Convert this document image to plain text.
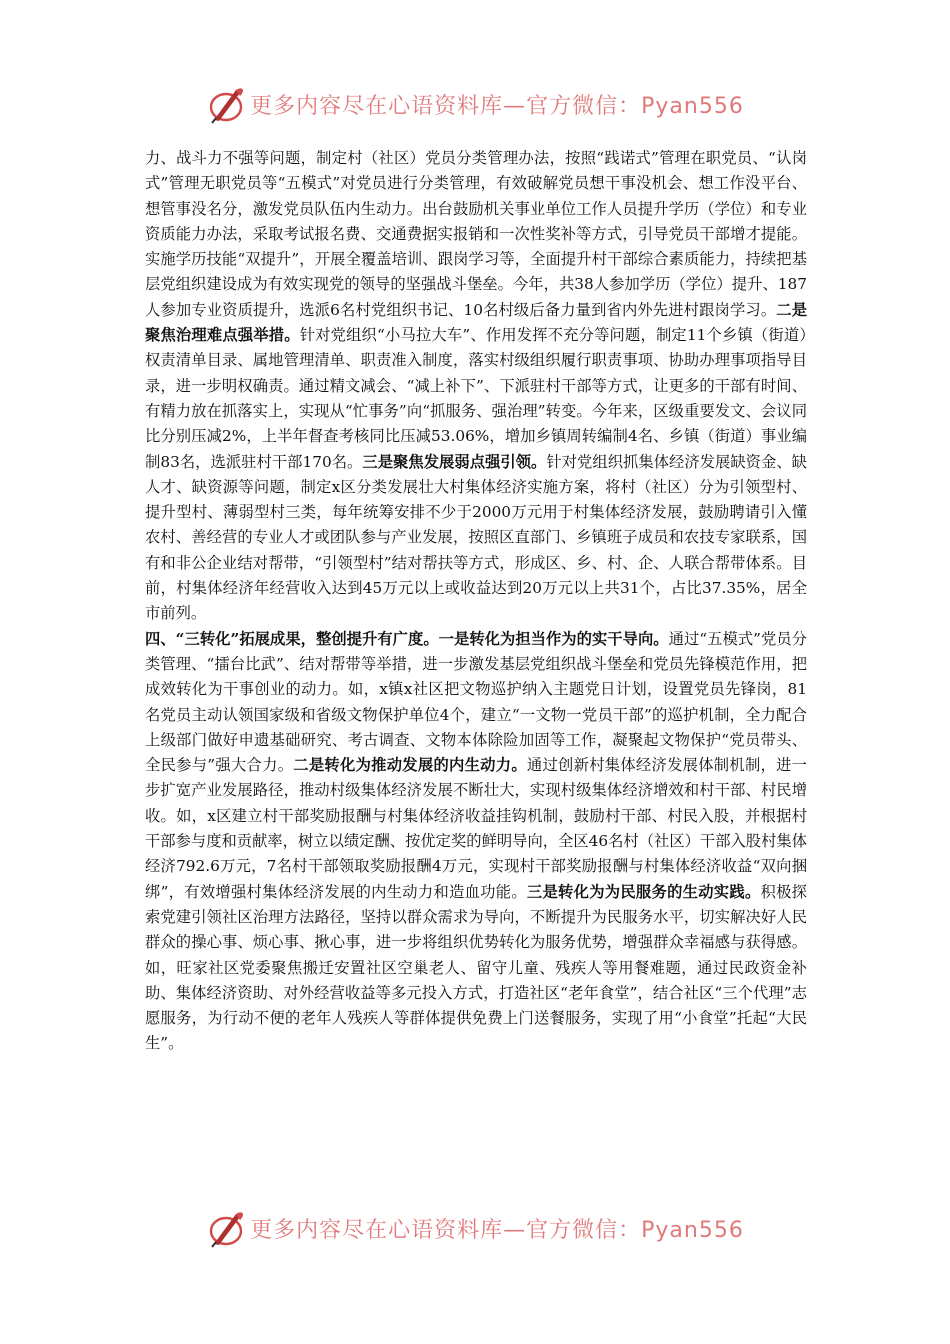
更多内容尽在心语资料库—官方微信：Pyan556

力、战斗力不强等问题，制定村（社区）党员分类管理办法，按照“践诺式”管理在职党员、“认岗式”管理无职党员等“五模式”对党员进行分类管理，有效破解党员想干事没机会、想工作没平台、想管事没名分，激发党员队伍内生动力。出台鼓励机关事业单位工作人员提升学历（学位）和专业资质能力办法，采取考试报名费、交通费据实报销和一次性奖补等方式，引导党员干部增才提能。实施学历技能“双提升”，开展全覆盖培训、跟岗学习等，全面提升村干部综合素质能力，持续把基层党组织建设成为有效实现党的领导的坚强战斗堡垒。今年，共38人参加学历（学位）提升、187人参加专业资质提升，选派6名村党组织书记、10名村级后备力量到省内外先进村跟岗学习。二是聚焦治理难点强举措。针对党组织“小马拉大车”、作用发挥不充分等问题，制定11个乡镇（街道）权责清单目录、属地管理清单、职责准入制度，落实村级组织履行职责事项、协助办理事项指导目录，进一步明权确责。通过精文减会、“减上补下”、下派驻村干部等方式，让更多的干部有时间、有精力放在抓落实上，实现从“忙事务”向“抓服务、强治理”转变。今年来，区级重要发文、会议同比分别压减2%，上半年督查考核同比压减53.06%，增加乡镇周转编制4名、乡镇（街道）事业编制83名，选派驻村干部170名。三是聚焦发展弱点强引领。针对党组织抓集体经济发展缺资金、缺人才、缺资源等问题，制定x区分类发展壮大村集体经济实施方案，将村（社区）分为引领型村、提升型村、薄弱型村三类，每年统筹安排不少于2000万元用于村集体经济发展，鼓励聘请引入懂农村、善经营的专业人才或团队参与产业发展，按照区直部门、乡镇班子成员和农技专家联系，国有和非公企业结对帮带，“引领型村”结对帮扶等方式，形成区、乡、村、企、人联合帮带体系。目前，村集体经济年经营收入达到45万元以上或收益达到20万元以上共31个，占比37.35%，居全市前列。

四、“三转化”拓展成果，整创提升有广度。一是转化为担当作为的实干导向。通过“五模式”党员分类管理、“擂台比武”、结对帮带等举措，进一步激发基层党组织战斗堡垒和党员先锋模范作用，把成效转化为干事创业的动力。如，x镇x社区把文物巡护纳入主题党日计划，设置党员先锋岗，81名党员主动认领国家级和省级文物保护单位4个，建立“一文物一党员干部”的巡护机制，全力配合上级部门做好申遗基础研究、考古调查、文物本体除险加固等工作，凝聚起文物保护“党员带头、全民参与”强大合力。二是转化为推动发展的内生动力。通过创新村集体经济发展体制机制，进一步扩宽产业发展路径，推动村级集体经济发展不断壮大，实现村级集体经济增效和村干部、村民增收。如，x区建立村干部奖励报酬与村集体经济收益挂钩机制，鼓励村干部、村民入股，并根据村干部参与度和贡献率，树立以绩定酬、按优定奖的鲜明导向，全区46名村（社区）干部入股村集体经济792.6万元，7名村干部领取奖励报酬4万元，实现村干部奖励报酬与村集体经济收益“双向捆绑”，有效增强村集体经济发展的内生动力和造血功能。三是转化为为民服务的生动实践。积极探索党建引领社区治理方法路径，坚持以群众需求为导向，不断提升为民服务水平，切实解决好人民群众的操心事、烦心事、揪心事，进一步将组织优势转化为服务优势，增强群众幸福感与获得感。如，旺家社区党委聚焦搬迁安置社区空巢老人、留守儿童、残疾人等用餐难题，通过民政资金补助、集体经济资助、对外经营收益等多元投入方式，打造社区“老年食堂”，结合社区“三个代理”志愿服务，为行动不便的老年人残疾人等群体提供免费上门送餐服务，实现了用“小食堂”托起“大民生”。

更多内容尽在心语资料库—官方微信：Pyan556
